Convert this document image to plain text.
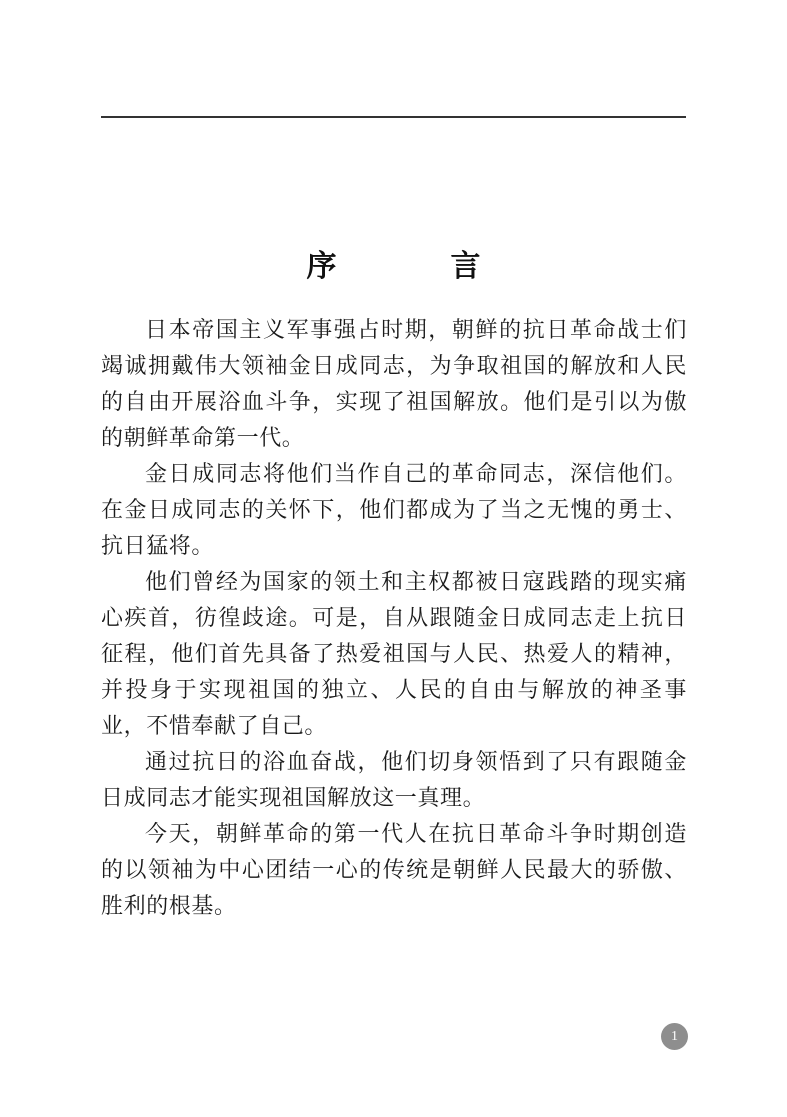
序　言

日本帝国主义军事强占时期，朝鲜的抗日革命战士们竭诚拥戴伟大领袖金日成同志，为争取祖国的解放和人民的自由开展浴血斗争，实现了祖国解放。他们是引以为傲的朝鲜革命第一代。

金日成同志将他们当作自己的革命同志，深信他们。在金日成同志的关怀下，他们都成为了当之无愧的勇士、抗日猛将。

他们曾经为国家的领土和主权都被日寇践踏的现实痛心疾首，彷徨歧途。可是，自从跟随金日成同志走上抗日征程，他们首先具备了热爱祖国与人民、热爱人的精神，并投身于实现祖国的独立、人民的自由与解放的神圣事业，不惜奉献了自己。

通过抗日的浴血奋战，他们切身领悟到了只有跟随金日成同志才能实现祖国解放这一真理。

今天，朝鲜革命的第一代人在抗日革命斗争时期创造的以领袖为中心团结一心的传统是朝鲜人民最大的骄傲、胜利的根基。

1
